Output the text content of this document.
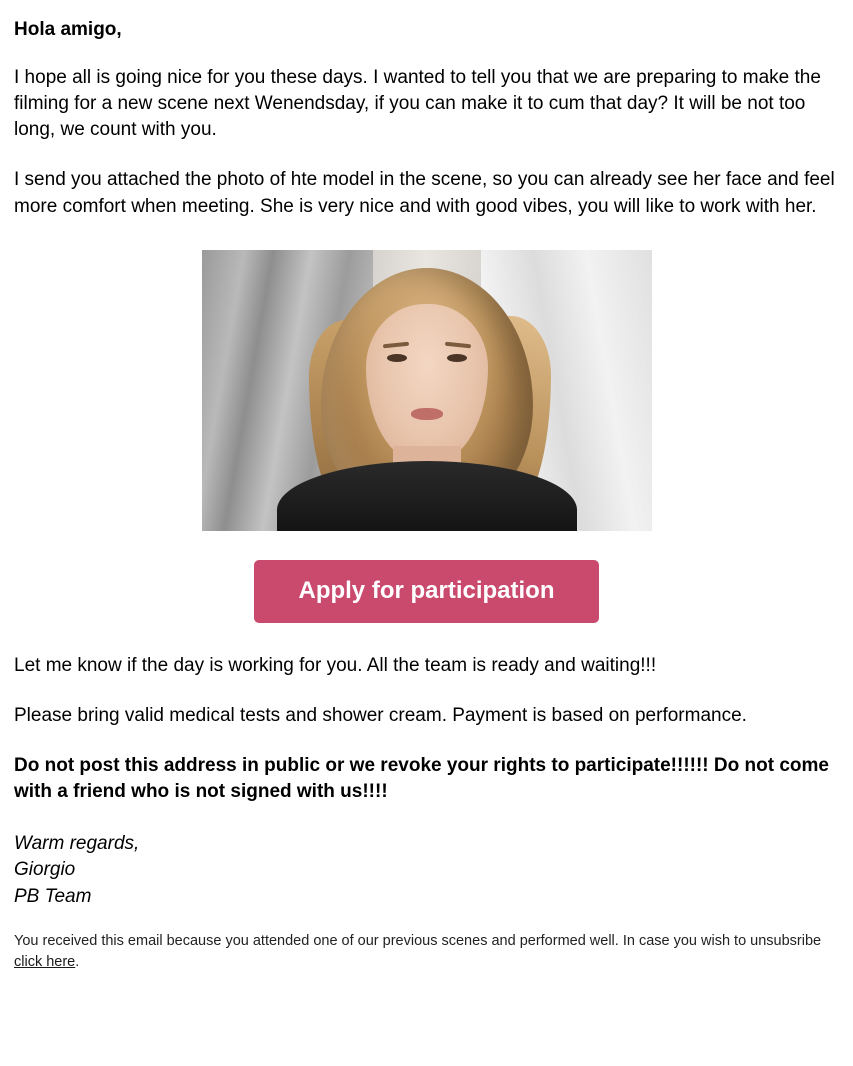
Hola amigo,

I hope all is going nice for you these days. I wanted to tell you that we are preparing to make the filming for a new scene next Wenendsday, if you can make it to cum that day? It will be not too long, we count with you.

I send you attached the photo of hte model in the scene, so you can already see her face and feel more comfort when meeting. She is very nice and with good vibes, you will like to work with her.

Apply for participation

Let me know if the day is working for you. All the team is ready and waiting!!!

Please bring valid medical tests and shower cream. Payment is based on performance.

Do not post this address in public or we revoke your rights to participate!!!!!! Do not come with a friend who is not signed with us!!!!

Warm regards,
Giorgio
PB Team

You received this email because you attended one of our previous scenes and performed well. In case you wish to unsubsribe click here.
